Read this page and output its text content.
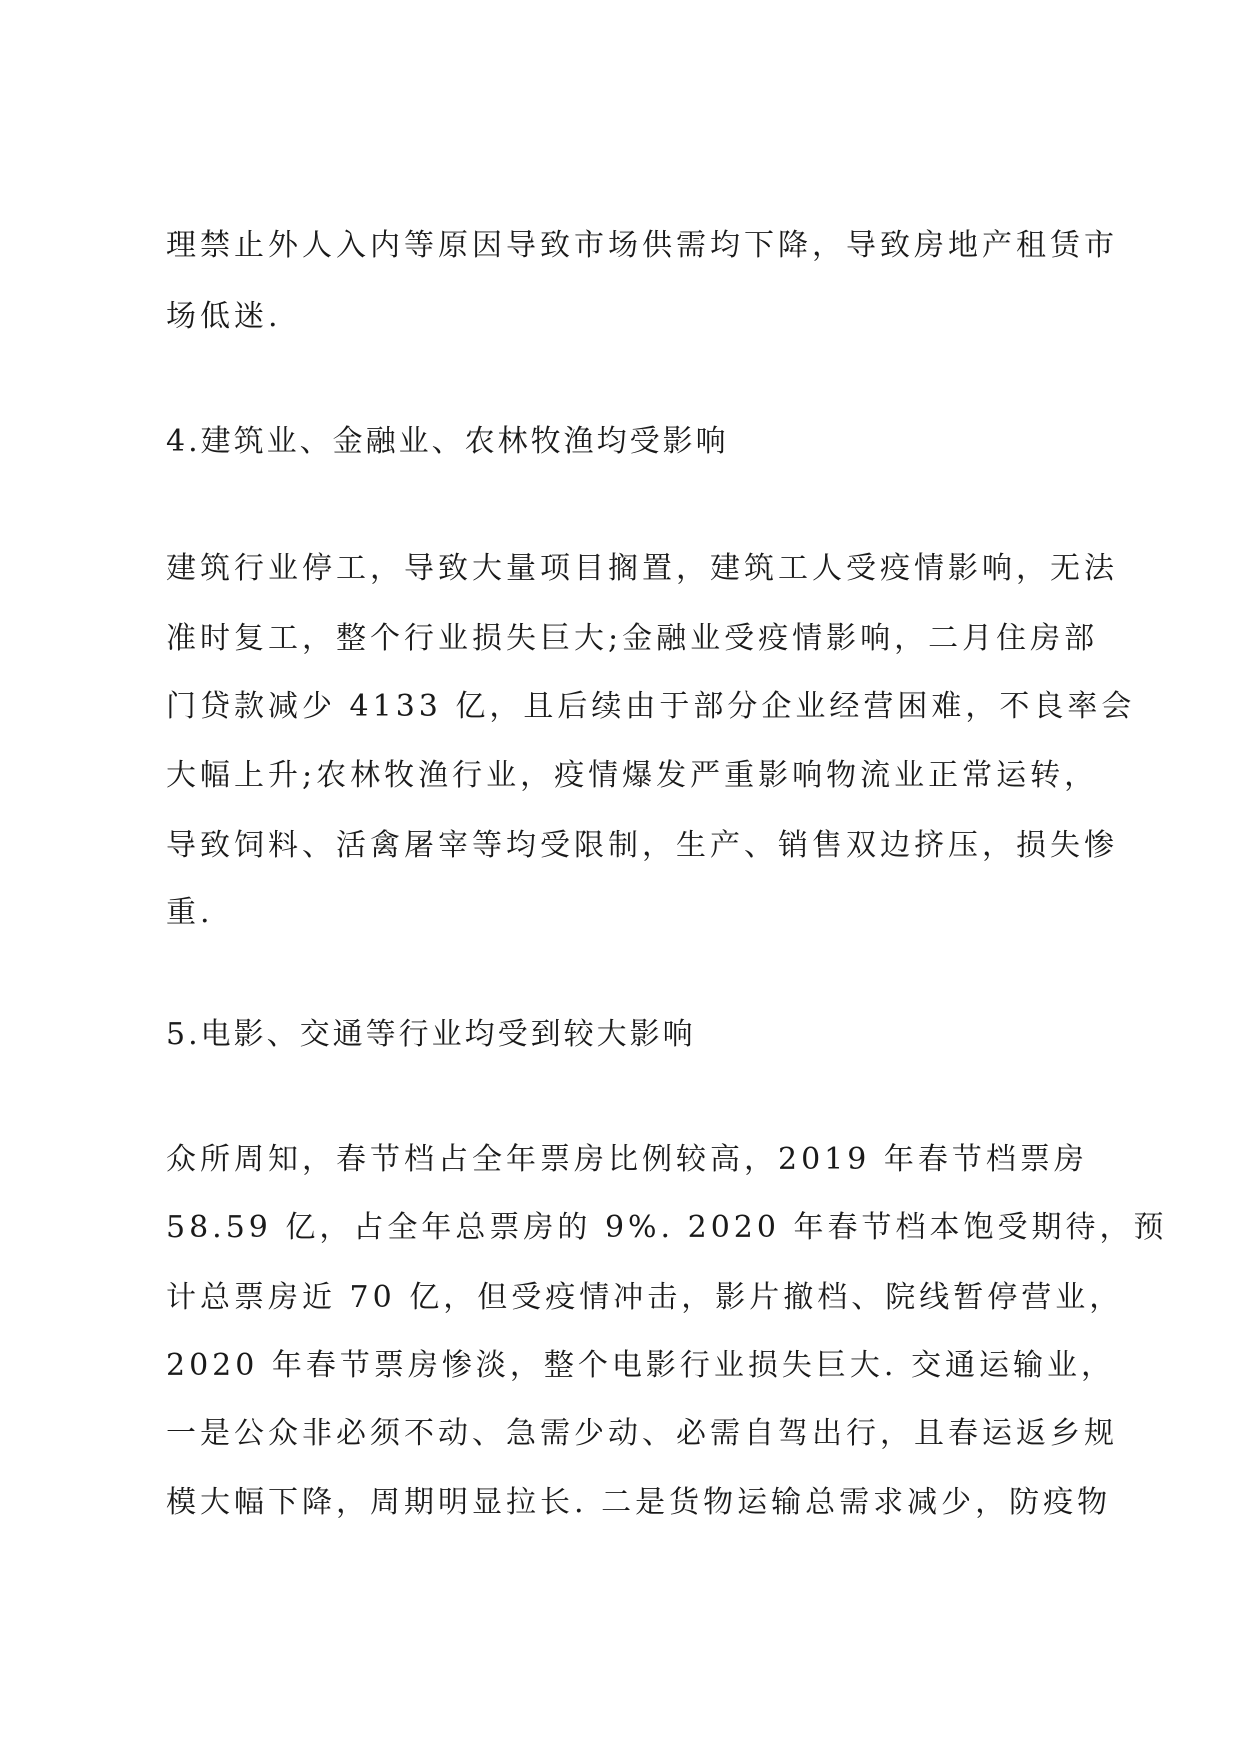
理禁止外人入内等原因导致市场供需均下降，导致房地产租赁市

场低迷.

4.建筑业、金融业、农林牧渔均受影响

建筑行业停工，导致大量项目搁置，建筑工人受疫情影响，无法

准时复工，整个行业损失巨大;金融业受疫情影响，二月住房部

门贷款减少 4133 亿，且后续由于部分企业经营困难，不良率会

大幅上升;农林牧渔行业，疫情爆发严重影响物流业正常运转，

导致饲料、活禽屠宰等均受限制，生产、销售双边挤压，损失惨

重.

5.电影、交通等行业均受到较大影响

众所周知，春节档占全年票房比例较高，2019 年春节档票房

58.59 亿，占全年总票房的 9%. 2020 年春节档本饱受期待，预

计总票房近 70 亿，但受疫情冲击，影片撤档、院线暂停营业，

2020 年春节票房惨淡，整个电影行业损失巨大. 交通运输业，

一是公众非必须不动、急需少动、必需自驾出行，且春运返乡规

模大幅下降，周期明显拉长. 二是货物运输总需求减少，防疫物
